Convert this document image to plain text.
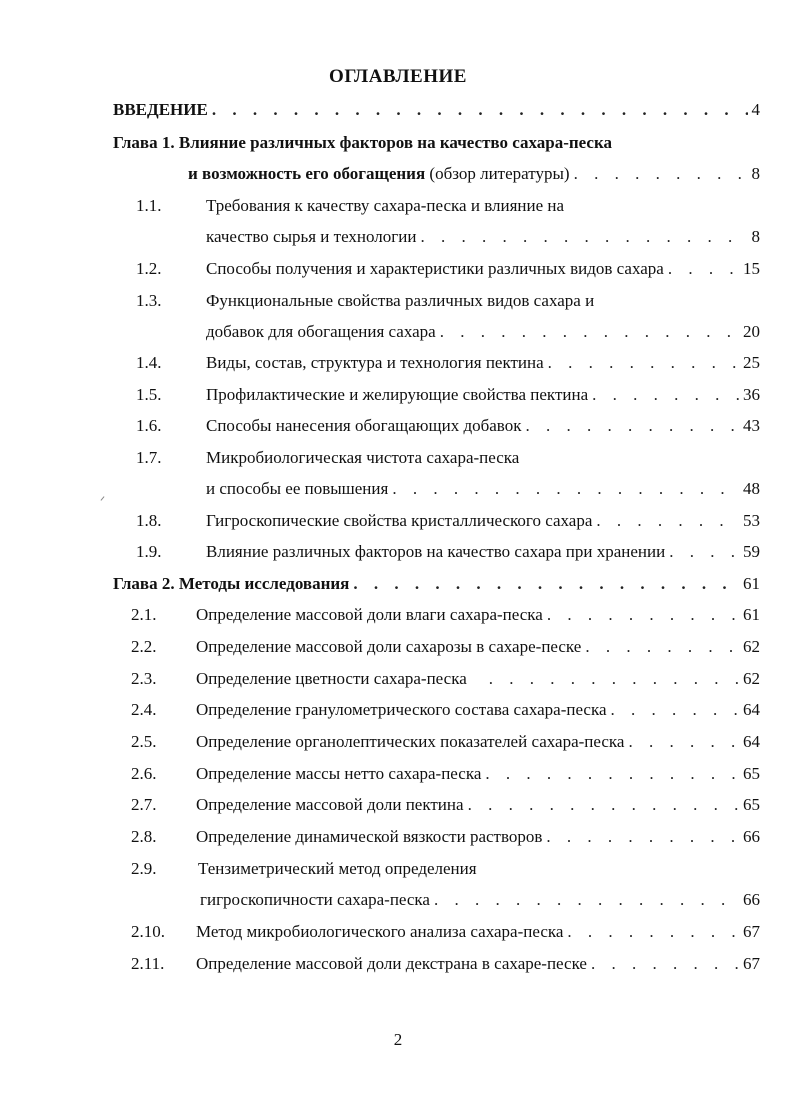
ОГЛАВЛЕНИЕ
ВВЕДЕНИЕ . . .	4
Глава 1. Влияние различных факторов на качество сахара-песка
и возможность его обогащения (обзор литературы) . . .	8
1.1.	Требования к качеству сахара-песка и влияние на
качество сырья и технологии . . .	8
1.2.	Способы получения и характеристики различных видов сахара . . .	15
1.3.	Функциональные свойства различных видов сахара и
добавок для обогащения сахара . . .	20
1.4.	Виды, состав, структура и технология пектина . . .	25
1.5.	Профилактические и желирующие свойства пектина . . .	36
1.6.	Способы нанесения обогащающих добавок . . .	43
1.7.	Микробиологическая чистота сахара-песка
и способы ее повышения . . .	48
1.8.	Гигроскопические свойства кристаллического сахара . . .	53
1.9.	Влияние различных факторов на качество сахара при хранении . . .	59
Глава 2. Методы исследования . . .	61
2.1. Определение массовой доли влаги сахара-песка . . .	61
2.2. Определение массовой доли сахарозы в сахаре-песке . . .	62
2.3. Определение цветности сахара-песка . . .	62
2.4. Определение гранулометрического состава сахара-песка . . .	64
2.5. Определение органолептических показателей сахара-песка . . .	64
2.6. Определение массы нетто сахара-песка . . .	65
2.7. Определение массовой доли пектина . . .	65
2.8. Определение динамической вязкости растворов . . .	66
2.9. Тензиметрический метод определения
гигроскопичности сахара-песка . . .	66
2.10. Метод микробиологического анализа сахара-песка . . .	67
2.11. Определение массовой доли декстрана в сахаре-песке . . .	67
2
